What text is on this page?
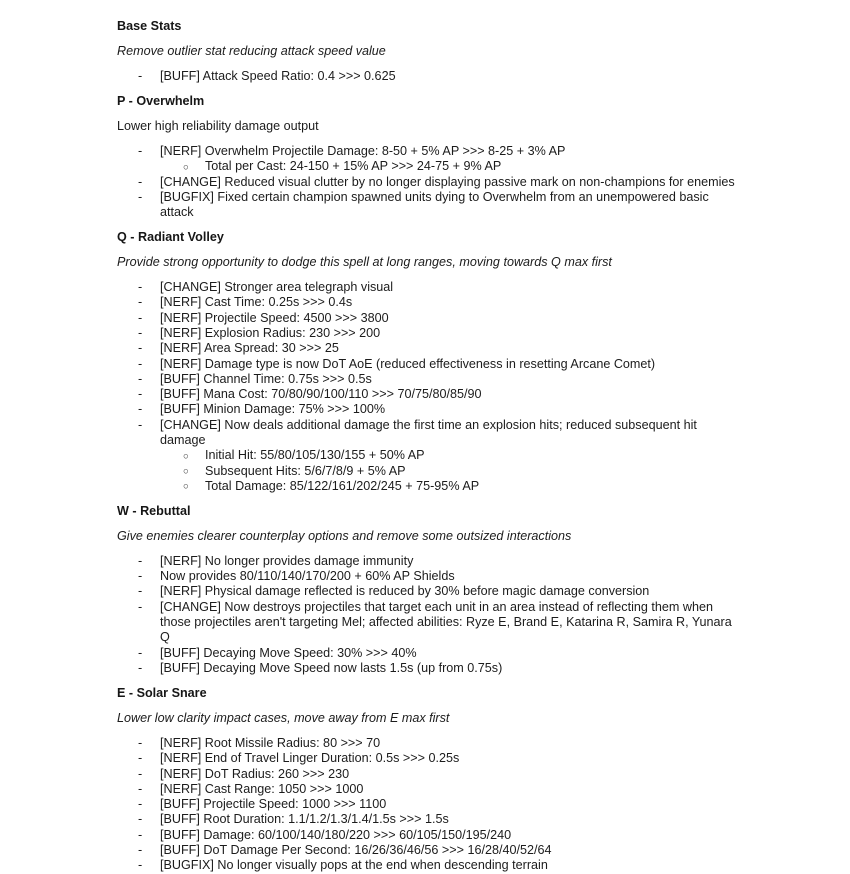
Base Stats
Remove outlier stat reducing attack speed value
- [BUFF] Attack Speed Ratio: 0.4 >>> 0.625
P - Overwhelm
Lower high reliability damage output
- [NERF] Overwhelm Projectile Damage: 8-50 + 5% AP >>> 8-25 + 3% AP
○ Total per Cast: 24-150 + 15% AP >>> 24-75 + 9% AP
- [CHANGE] Reduced visual clutter by no longer displaying passive mark on non-champions for enemies
- [BUGFIX] Fixed certain champion spawned units dying to Overwhelm from an unempowered basic attack
Q - Radiant Volley
Provide strong opportunity to dodge this spell at long ranges, moving towards Q max first
- [CHANGE] Stronger area telegraph visual
- [NERF] Cast Time: 0.25s >>> 0.4s
- [NERF] Projectile Speed: 4500 >>> 3800
- [NERF] Explosion Radius: 230 >>> 200
- [NERF] Area Spread: 30 >>> 25
- [NERF] Damage type is now DoT AoE (reduced effectiveness in resetting Arcane Comet)
- [BUFF] Channel Time: 0.75s >>> 0.5s
- [BUFF] Mana Cost: 70/80/90/100/110 >>> 70/75/80/85/90
- [BUFF] Minion Damage: 75% >>> 100%
- [CHANGE] Now deals additional damage the first time an explosion hits; reduced subsequent hit damage
○ Initial Hit: 55/80/105/130/155 + 50% AP
○ Subsequent Hits: 5/6/7/8/9 + 5% AP
○ Total Damage: 85/122/161/202/245 + 75-95% AP
W - Rebuttal
Give enemies clearer counterplay options and remove some outsized interactions
- [NERF] No longer provides damage immunity
- Now provides 80/110/140/170/200 + 60% AP Shields
- [NERF] Physical damage reflected is reduced by 30% before magic damage conversion
- [CHANGE] Now destroys projectiles that target each unit in an area instead of reflecting them when those projectiles aren't targeting Mel; affected abilities: Ryze E, Brand E, Katarina R, Samira R, Yunara Q
- [BUFF] Decaying Move Speed: 30% >>> 40%
- [BUFF] Decaying Move Speed now lasts 1.5s (up from 0.75s)
E - Solar Snare
Lower low clarity impact cases, move away from E max first
- [NERF] Root Missile Radius: 80 >>> 70
- [NERF] End of Travel Linger Duration: 0.5s >>> 0.25s
- [NERF] DoT Radius: 260 >>> 230
- [NERF] Cast Range: 1050 >>> 1000
- [BUFF] Projectile Speed: 1000 >>> 1100
- [BUFF] Root Duration: 1.1/1.2/1.3/1.4/1.5s >>> 1.5s
- [BUFF] Damage: 60/100/140/180/220 >>> 60/105/150/195/240
- [BUFF] DoT Damage Per Second: 16/26/36/46/56 >>> 16/28/40/52/64
- [BUGFIX] No longer visually pops at the end when descending terrain
